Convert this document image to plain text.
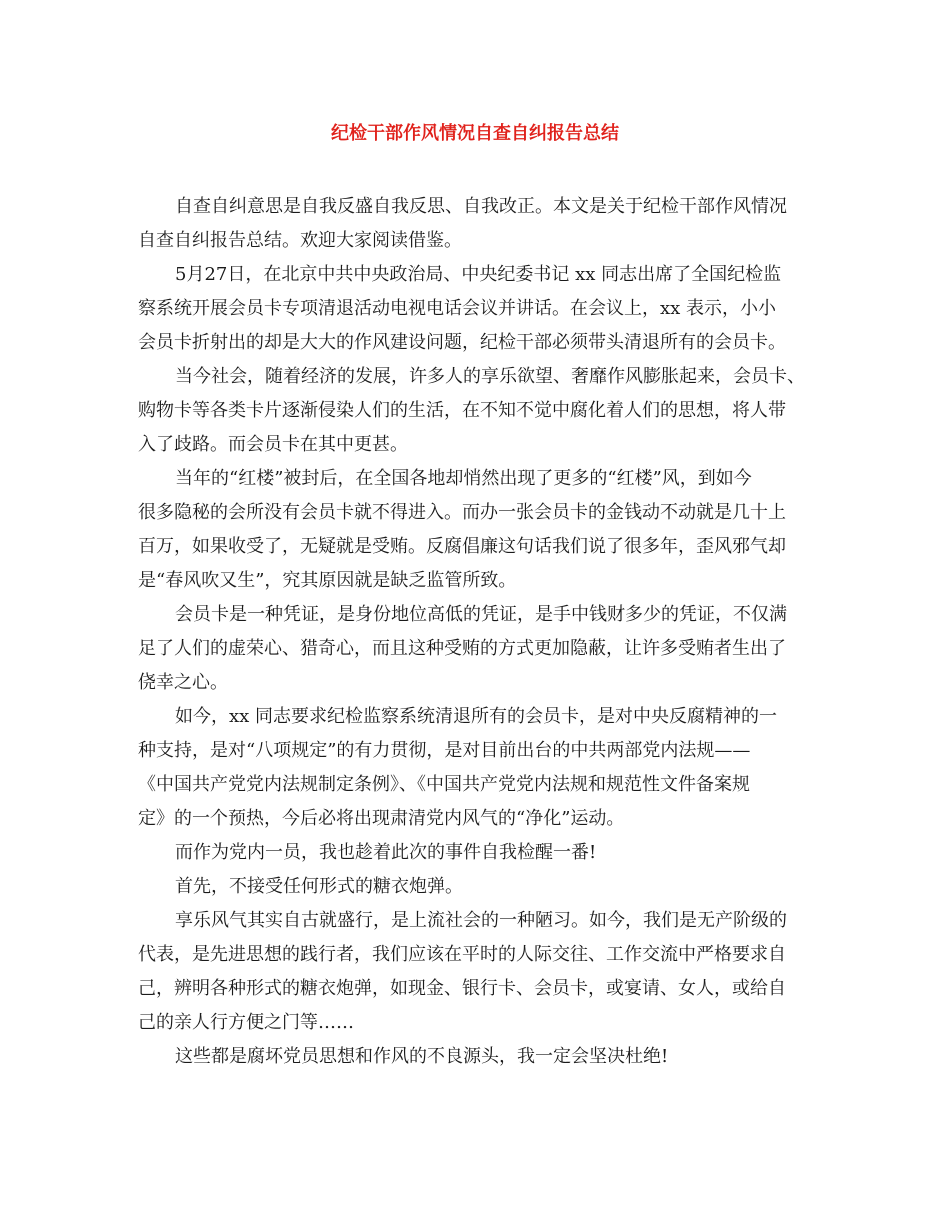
纪检干部作风情况自查自纠报告总结
自查自纠意思是自我反盛自我反思、自我改正。本文是关于纪检干部作风情况
自查自纠报告总结。欢迎大家阅读借鉴。
5月27日，在北京中共中央政治局、中央纪委书记 xx 同志出席了全国纪检监
察系统开展会员卡专项清退活动电视电话会议并讲话。在会议上，xx 表示，小小
会员卡折射出的却是大大的作风建设问题，纪检干部必须带头清退所有的会员卡。
当今社会，随着经济的发展，许多人的享乐欲望、奢靡作风膨胀起来，会员卡、
购物卡等各类卡片逐渐侵染人们的生活，在不知不觉中腐化着人们的思想，将人带
入了歧路。而会员卡在其中更甚。
当年的“红楼”被封后，在全国各地却悄然出现了更多的“红楼”风，到如今
很多隐秘的会所没有会员卡就不得进入。而办一张会员卡的金钱动不动就是几十上
百万，如果收受了，无疑就是受贿。反腐倡廉这句话我们说了很多年，歪风邪气却
是“春风吹又生”，究其原因就是缺乏监管所致。
会员卡是一种凭证，是身份地位高低的凭证，是手中钱财多少的凭证，不仅满
足了人们的虚荣心、猎奇心，而且这种受贿的方式更加隐蔽，让许多受贿者生出了
侥幸之心。
如今，xx 同志要求纪检监察系统清退所有的会员卡，是对中央反腐精神的一
种支持，是对“八项规定”的有力贯彻，是对目前出台的中共两部党内法规——
《中国共产党党内法规制定条例》、《中国共产党党内法规和规范性文件备案规
定》的一个预热，今后必将出现肃清党内风气的“净化”运动。
而作为党内一员，我也趁着此次的事件自我检醒一番!
首先，不接受任何形式的糖衣炮弹。
享乐风气其实自古就盛行，是上流社会的一种陋习。如今，我们是无产阶级的
代表，是先进思想的践行者，我们应该在平时的人际交往、工作交流中严格要求自
己，辨明各种形式的糖衣炮弹，如现金、银行卡、会员卡，或宴请、女人，或给自
己的亲人行方便之门等……
这些都是腐坏党员思想和作风的不良源头，我一定会坚决杜绝!
